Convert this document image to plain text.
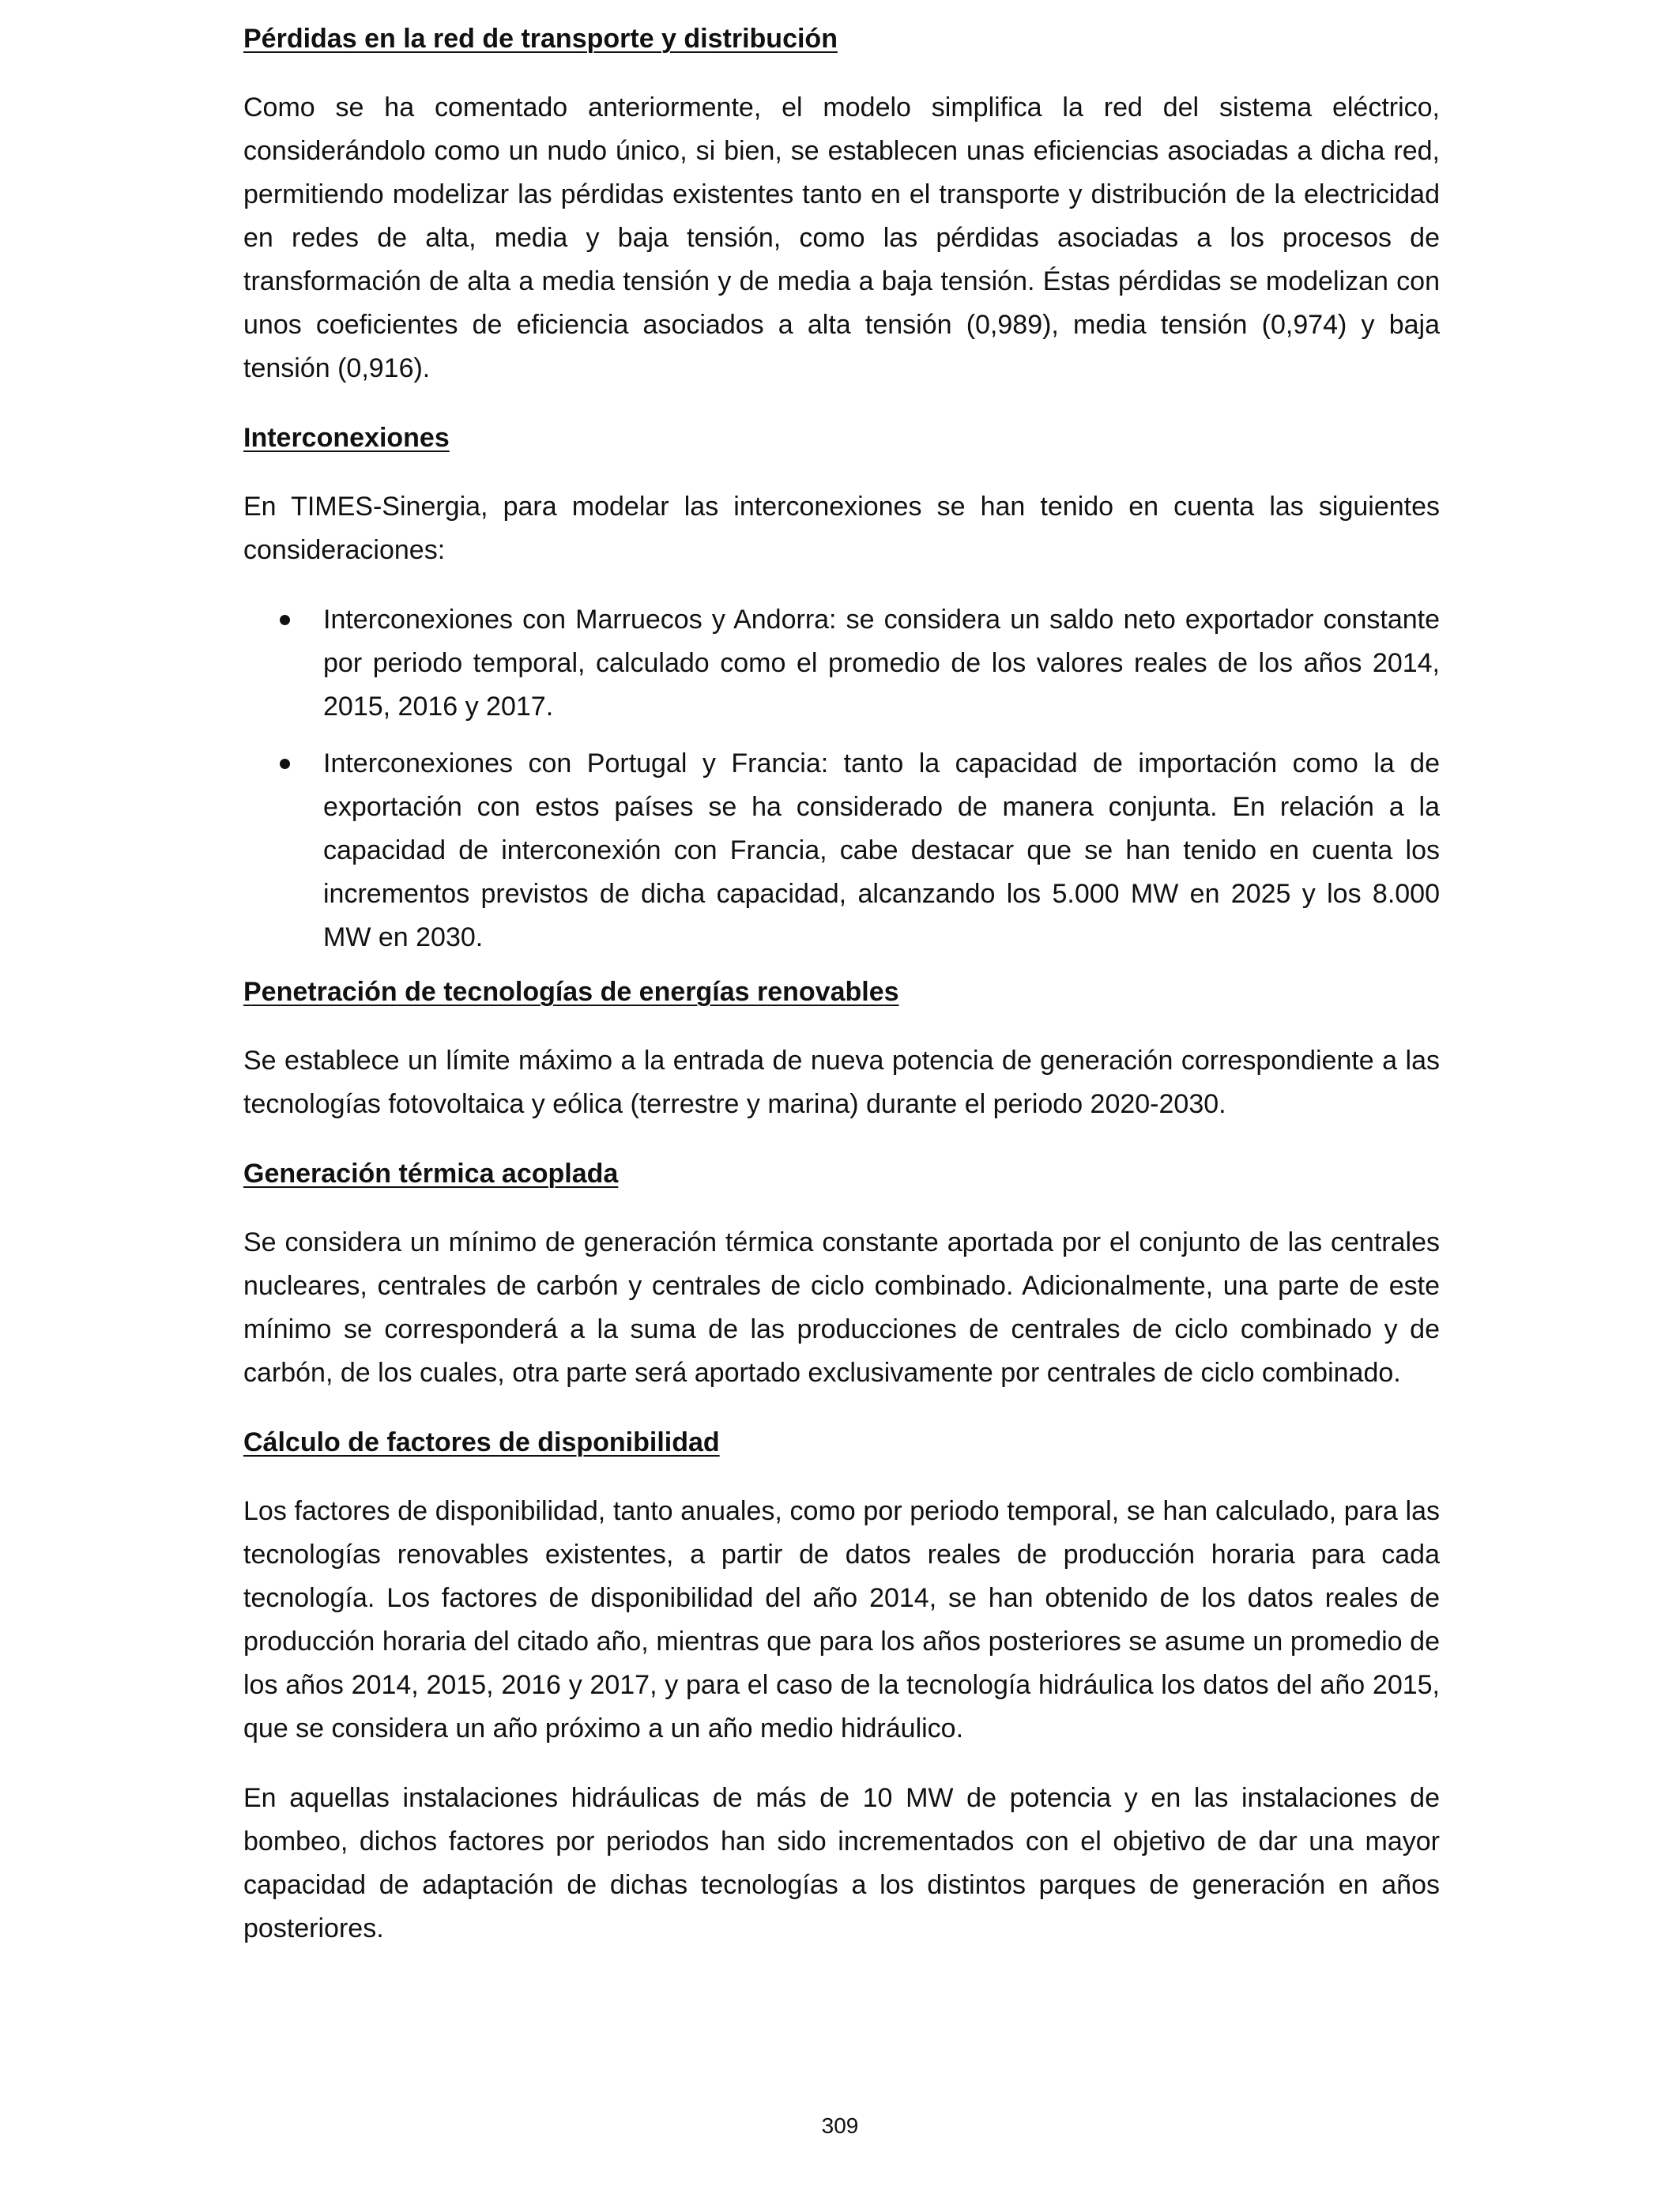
Pérdidas en la red de transporte y distribución

Como se ha comentado anteriormente, el modelo simplifica la red del sistema eléctrico, considerándolo como un nudo único, si bien, se establecen unas eficiencias asociadas a dicha red, permitiendo modelizar las pérdidas existentes tanto en el transporte y distribución de la electricidad en redes de alta, media y baja tensión, como las pérdidas asociadas a los procesos de transformación de alta a media tensión y de media a baja tensión. Éstas pérdidas se modelizan con unos coeficientes de eficiencia asociados a alta tensión (0,989), media tensión (0,974) y baja tensión (0,916).

Interconexiones

En TIMES-Sinergia, para modelar las interconexiones se han tenido en cuenta las siguientes consideraciones:

Interconexiones con Marruecos y Andorra: se considera un saldo neto exportador constante por periodo temporal, calculado como el promedio de los valores reales de los años 2014, 2015, 2016 y 2017.
Interconexiones con Portugal y Francia: tanto la capacidad de importación como la de exportación con estos países se ha considerado de manera conjunta. En relación a la capacidad de interconexión con Francia, cabe destacar que se han tenido en cuenta los incrementos previstos de dicha capacidad, alcanzando los 5.000 MW en 2025 y los 8.000 MW en 2030.
Penetración de tecnologías de energías renovables

Se establece un límite máximo a la entrada de nueva potencia de generación correspondiente a las tecnologías fotovoltaica y eólica (terrestre y marina) durante el periodo 2020-2030.

Generación térmica acoplada

Se considera un mínimo de generación térmica constante aportada por el conjunto de las centrales nucleares, centrales de carbón y centrales de ciclo combinado. Adicionalmente, una parte de este mínimo se corresponderá a la suma de las producciones de centrales de ciclo combinado y de carbón, de los cuales, otra parte será aportado exclusivamente por centrales de ciclo combinado.

Cálculo de factores de disponibilidad

Los factores de disponibilidad, tanto anuales, como por periodo temporal, se han calculado, para las tecnologías renovables existentes, a partir de datos reales de producción horaria para cada tecnología. Los factores de disponibilidad del año 2014, se han obtenido de los datos reales de producción horaria del citado año, mientras que para los años posteriores se asume un promedio de los años 2014, 2015, 2016 y 2017, y para el caso de la tecnología hidráulica los datos del año 2015, que se considera un año próximo a un año medio hidráulico.

En aquellas instalaciones hidráulicas de más de 10 MW de potencia y en las instalaciones de bombeo, dichos factores por periodos han sido incrementados con el objetivo de dar una mayor capacidad de adaptación de dichas tecnologías a los distintos parques de generación en años posteriores.

309
